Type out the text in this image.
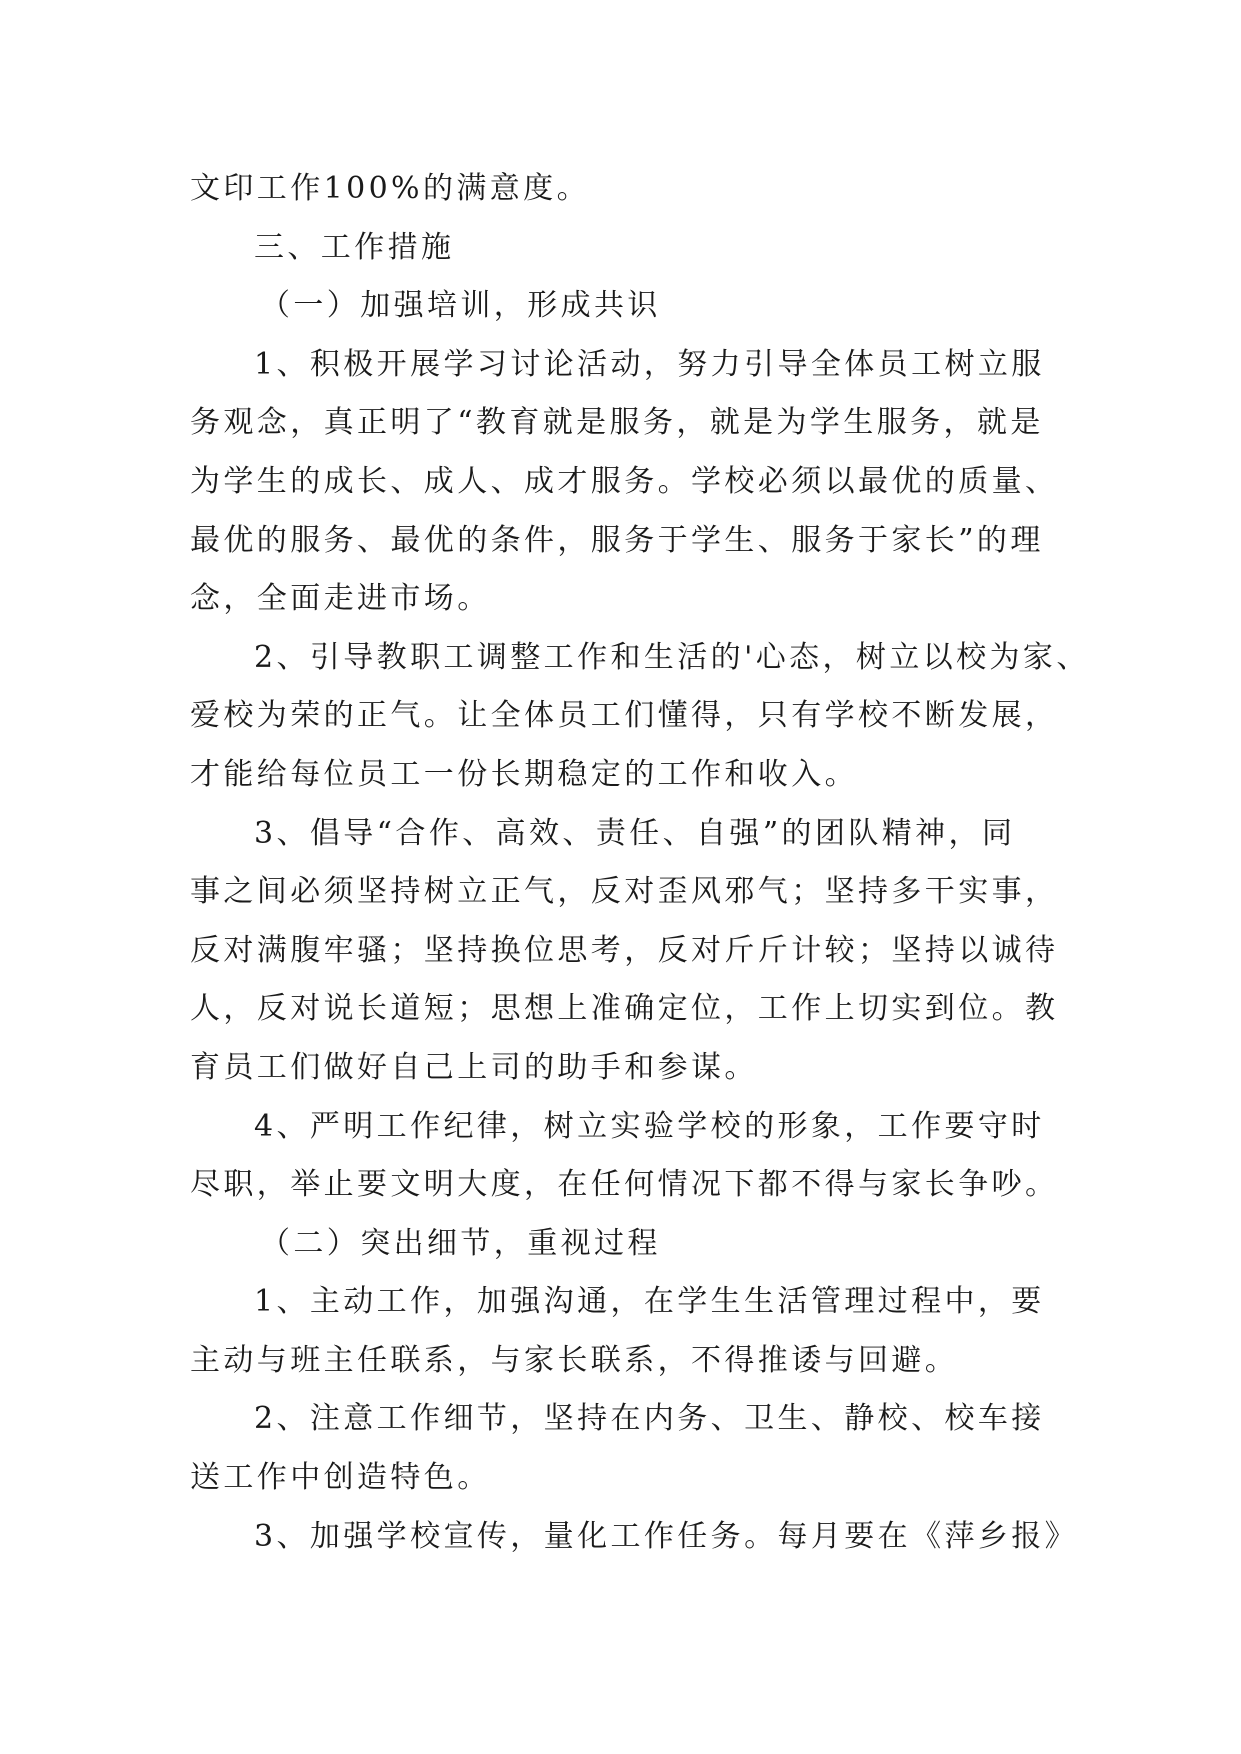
文印工作100%的满意度。

三、工作措施

（一）加强培训，形成共识

1、积极开展学习讨论活动，努力引导全体员工树立服

务观念，真正明了“教育就是服务，就是为学生服务，就是

为学生的成长、成人、成才服务。学校必须以最优的质量、

最优的服务、最优的条件，服务于学生、服务于家长”的理

念，全面走进市场。

2、引导教职工调整工作和生活的'心态，树立以校为家、

爱校为荣的正气。让全体员工们懂得，只有学校不断发展，

才能给每位员工一份长期稳定的工作和收入。

3、倡导“合作、高效、责任、自强”的团队精神，同

事之间必须坚持树立正气，反对歪风邪气；坚持多干实事，

反对满腹牢骚；坚持换位思考，反对斤斤计较；坚持以诚待

人，反对说长道短；思想上准确定位，工作上切实到位。教

育员工们做好自己上司的助手和参谋。

4、严明工作纪律，树立实验学校的形象，工作要守时

尽职，举止要文明大度，在任何情况下都不得与家长争吵。

（二）突出细节，重视过程

1、主动工作，加强沟通，在学生生活管理过程中，要

主动与班主任联系，与家长联系，不得推诿与回避。

2、注意工作细节，坚持在内务、卫生、静校、校车接

送工作中创造特色。

3、加强学校宣传，量化工作任务。每月要在《萍乡报》
